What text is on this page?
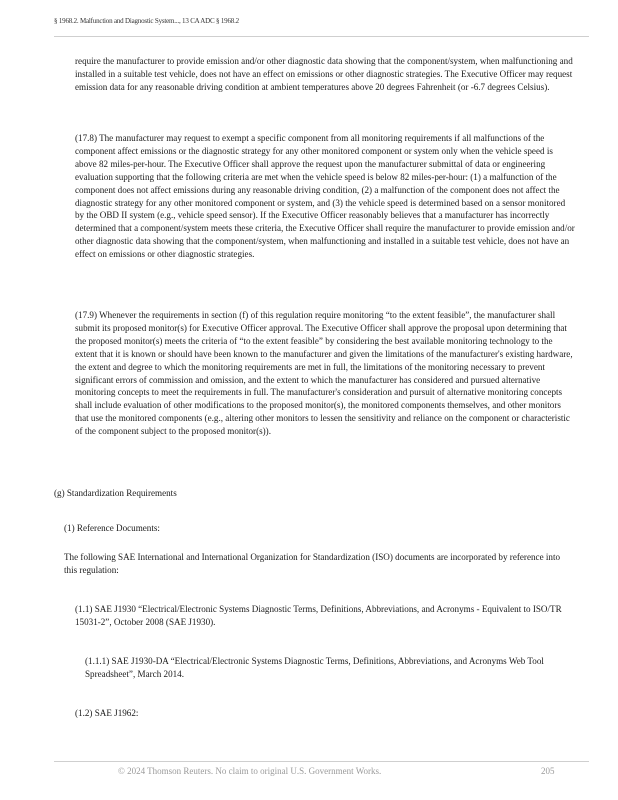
§ 1968.2. Malfunction and Diagnostic System..., 13 CA ADC § 1968.2

require the manufacturer to provide emission and/or other diagnostic data showing that the component/system, when malfunctioning and installed in a suitable test vehicle, does not have an effect on emissions or other diagnostic strategies. The Executive Officer may request emission data for any reasonable driving condition at ambient temperatures above 20 degrees Fahrenheit (or -6.7 degrees Celsius).

(17.8) The manufacturer may request to exempt a specific component from all monitoring requirements if all malfunctions of the component affect emissions or the diagnostic strategy for any other monitored component or system only when the vehicle speed is above 82 miles-per-hour. The Executive Officer shall approve the request upon the manufacturer submittal of data or engineering evaluation supporting that the following criteria are met when the vehicle speed is below 82 miles-per-hour: (1) a malfunction of the component does not affect emissions during any reasonable driving condition, (2) a malfunction of the component does not affect the diagnostic strategy for any other monitored component or system, and (3) the vehicle speed is determined based on a sensor monitored by the OBD II system (e.g., vehicle speed sensor). If the Executive Officer reasonably believes that a manufacturer has incorrectly determined that a component/system meets these criteria, the Executive Officer shall require the manufacturer to provide emission and/or other diagnostic data showing that the component/system, when malfunctioning and installed in a suitable test vehicle, does not have an effect on emissions or other diagnostic strategies.

(17.9) Whenever the requirements in section (f) of this regulation require monitoring “to the extent feasible”, the manufacturer shall submit its proposed monitor(s) for Executive Officer approval. The Executive Officer shall approve the proposal upon determining that the proposed monitor(s) meets the criteria of “to the extent feasible” by considering the best available monitoring technology to the extent that it is known or should have been known to the manufacturer and given the limitations of the manufacturer's existing hardware, the extent and degree to which the monitoring requirements are met in full, the limitations of the monitoring necessary to prevent significant errors of commission and omission, and the extent to which the manufacturer has considered and pursued alternative monitoring concepts to meet the requirements in full. The manufacturer's consideration and pursuit of alternative monitoring concepts shall include evaluation of other modifications to the proposed monitor(s), the monitored components themselves, and other monitors that use the monitored components (e.g., altering other monitors to lessen the sensitivity and reliance on the component or characteristic of the component subject to the proposed monitor(s)).

(g) Standardization Requirements

(1) Reference Documents:

The following SAE International and International Organization for Standardization (ISO) documents are incorporated by reference into this regulation:

(1.1) SAE J1930 “Electrical/Electronic Systems Diagnostic Terms, Definitions, Abbreviations, and Acronyms - Equivalent to ISO/TR 15031-2”, October 2008 (SAE J1930).

(1.1.1) SAE J1930-DA “Electrical/Electronic Systems Diagnostic Terms, Definitions, Abbreviations, and Acronyms Web Tool Spreadsheet”, March 2014.

(1.2) SAE J1962:

© 2024 Thomson Reuters. No claim to original U.S. Government Works.	205
